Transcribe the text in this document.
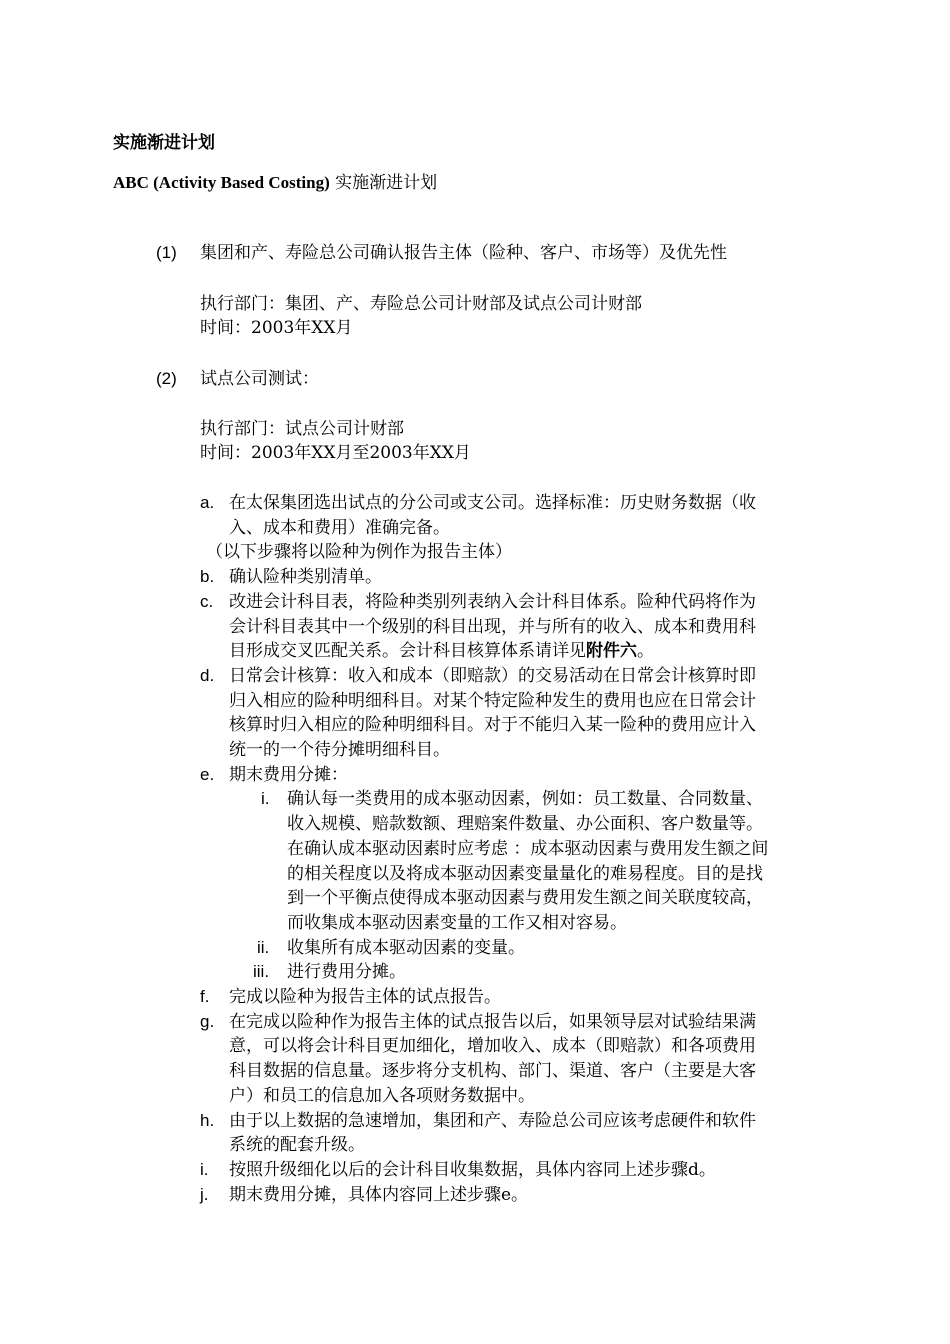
实施渐进计划
ABC (Activity Based Costing) 实施渐进计划
(1) 集团和产、寿险总公司确认报告主体（险种、客户、市场等）及优先性
执行部门：集团、产、寿险总公司计财部及试点公司计财部
时间：2003年XX月
(2) 试点公司测试：
执行部门：试点公司计财部
时间：2003年XX月至2003年XX月
a. 在太保集团选出试点的分公司或支公司。选择标准：历史财务数据（收
入、成本和费用）准确完备。
（以下步骤将以险种为例作为报告主体）
b. 确认险种类别清单。
c. 改进会计科目表，将险种类别列表纳入会计科目体系。险种代码将作为
会计科目表其中一个级别的科目出现，并与所有的收入、成本和费用科
目形成交叉匹配关系。会计科目核算体系请详见附件六。
d. 日常会计核算：收入和成本（即赔款）的交易活动在日常会计核算时即
归入相应的险种明细科目。对某个特定险种发生的费用也应在日常会计
核算时归入相应的险种明细科目。对于不能归入某一险种的费用应计入
统一的一个待分摊明细科目。
e. 期末费用分摊：
i. 确认每一类费用的成本驱动因素，例如：员工数量、合同数量、
收入规模、赔款数额、理赔案件数量、办公面积、客户数量等。
在确认成本驱动因素时应考虑 ：成本驱动因素与费用发生额之间
的相关程度以及将成本驱动因素变量量化的难易程度。目的是找
到一个平衡点使得成本驱动因素与费用发生额之间关联度较高，
而收集成本驱动因素变量的工作又相对容易。
ii.	收集所有成本驱动因素的变量。
iii.	进行费用分摊。
f.	完成以险种为报告主体的试点报告。
g. 在完成以险种作为报告主体的试点报告以后，如果领导层对试验结果满
意，可以将会计科目更加细化，增加收入、成本（即赔款）和各项费用
科目数据的信息量。逐步将分支机构、部门、渠道、客户（主要是大客
户）和员工的信息加入各项财务数据中。
h. 由于以上数据的急速增加，集团和产、寿险总公司应该考虑硬件和软件
系统的配套升级。
i.	按照升级细化以后的会计科目收集数据，具体内容同上述步骤d。
j.	期末费用分摊，具体内容同上述步骤e。
